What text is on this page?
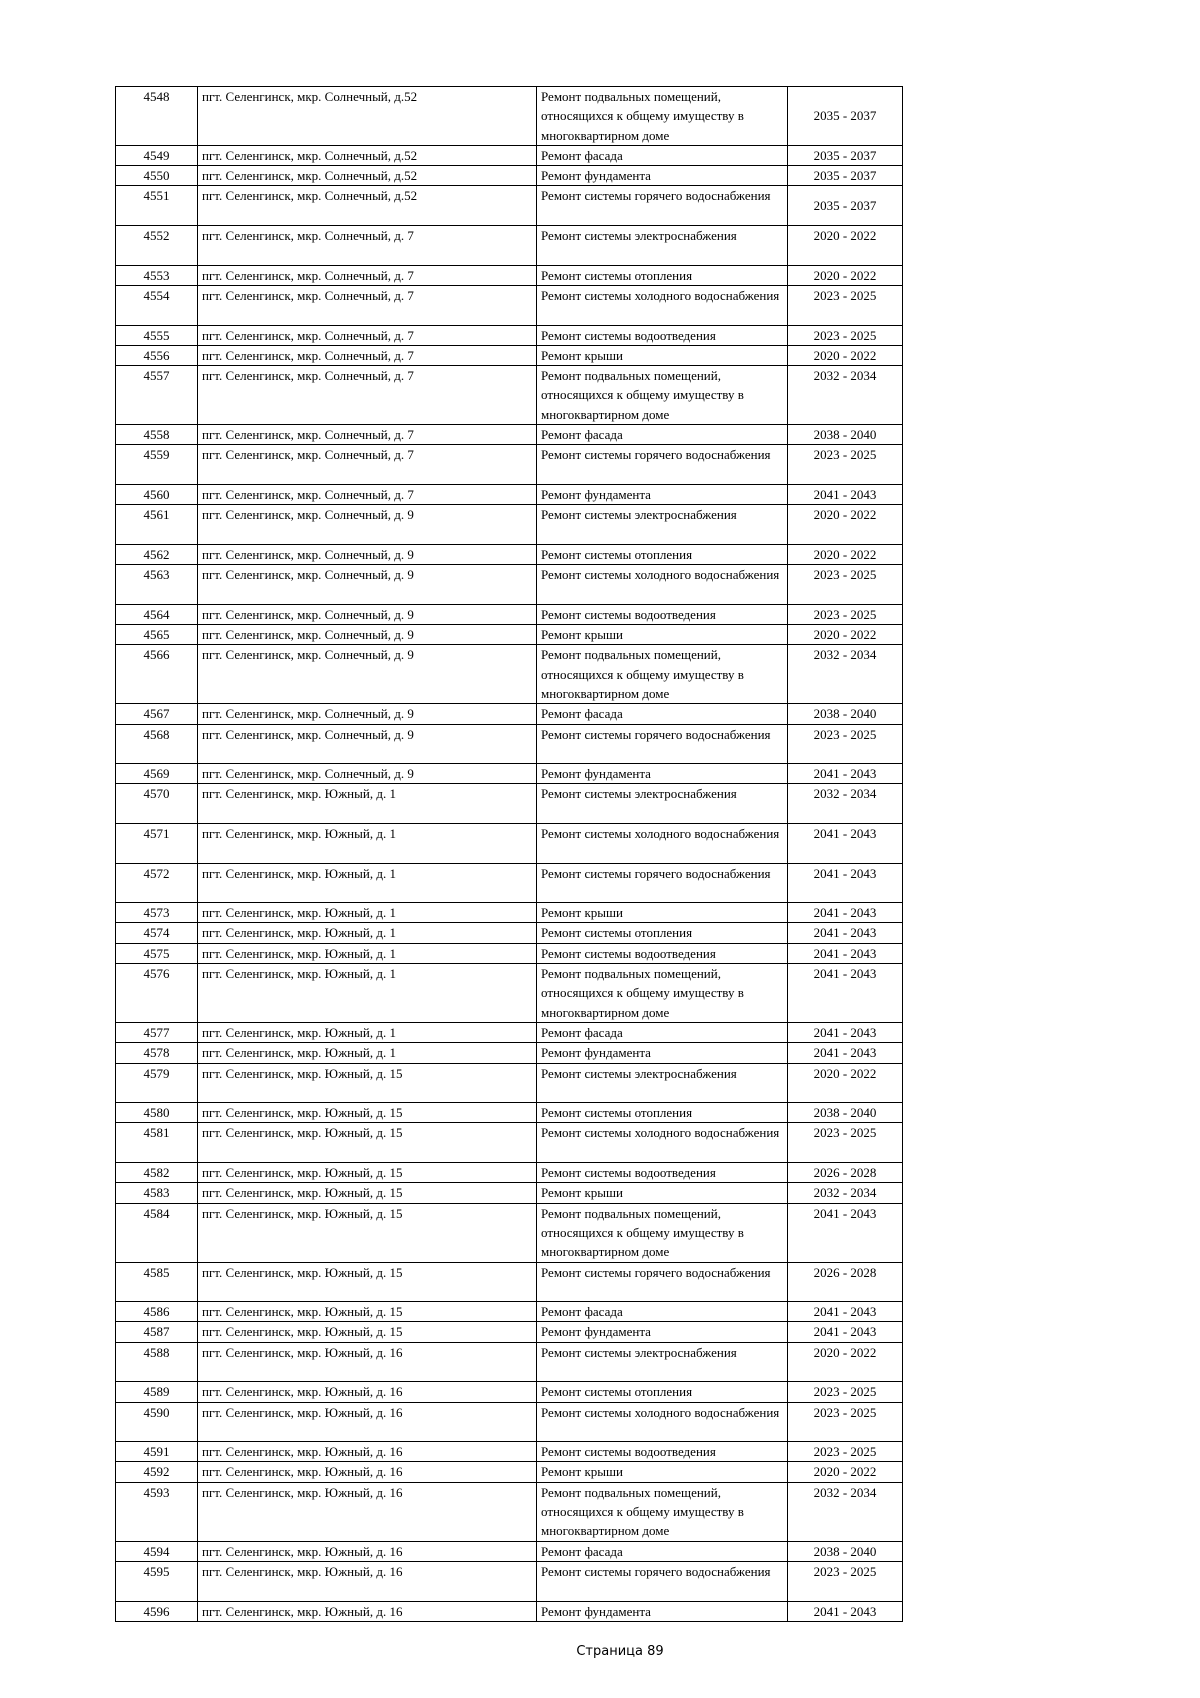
4548	пгт. Селенгинск, мкр. Солнечный, д.52	Ремонт подвальных помещений, относящихся к общему имуществу в многоквартирном доме	2035 - 2037
4549	пгт. Селенгинск, мкр. Солнечный, д.52	Ремонт фасада	2035 - 2037
4550	пгт. Селенгинск, мкр. Солнечный, д.52	Ремонт фундамента	2035 - 2037
4551	пгт. Селенгинск, мкр. Солнечный, д.52	Ремонт системы горячего водоснабжения	2035 - 2037
4552	пгт. Селенгинск, мкр. Солнечный, д. 7	Ремонт системы электроснабжения	2020 - 2022
4553	пгт. Селенгинск, мкр. Солнечный, д. 7	Ремонт системы отопления	2020 - 2022
4554	пгт. Селенгинск, мкр. Солнечный, д. 7	Ремонт системы холодного водоснабжения	2023 - 2025
4555	пгт. Селенгинск, мкр. Солнечный, д. 7	Ремонт системы водоотведения	2023 - 2025
4556	пгт. Селенгинск, мкр. Солнечный, д. 7	Ремонт крыши	2020 - 2022
4557	пгт. Селенгинск, мкр. Солнечный, д. 7	Ремонт подвальных помещений, относящихся к общему имуществу в многоквартирном доме	2032 - 2034
4558	пгт. Селенгинск, мкр. Солнечный, д. 7	Ремонт фасада	2038 - 2040
4559	пгт. Селенгинск, мкр. Солнечный, д. 7	Ремонт системы горячего водоснабжения	2023 - 2025
4560	пгт. Селенгинск, мкр. Солнечный, д. 7	Ремонт фундамента	2041 - 2043
4561	пгт. Селенгинск, мкр. Солнечный, д. 9	Ремонт системы электроснабжения	2020 - 2022
4562	пгт. Селенгинск, мкр. Солнечный, д. 9	Ремонт системы отопления	2020 - 2022
4563	пгт. Селенгинск, мкр. Солнечный, д. 9	Ремонт системы холодного водоснабжения	2023 - 2025
4564	пгт. Селенгинск, мкр. Солнечный, д. 9	Ремонт системы водоотведения	2023 - 2025
4565	пгт. Селенгинск, мкр. Солнечный, д. 9	Ремонт крыши	2020 - 2022
4566	пгт. Селенгинск, мкр. Солнечный, д. 9	Ремонт подвальных помещений, относящихся к общему имуществу в многоквартирном доме	2032 - 2034
4567	пгт. Селенгинск, мкр. Солнечный, д. 9	Ремонт фасада	2038 - 2040
4568	пгт. Селенгинск, мкр. Солнечный, д. 9	Ремонт системы горячего водоснабжения	2023 - 2025
4569	пгт. Селенгинск, мкр. Солнечный, д. 9	Ремонт фундамента	2041 - 2043
4570	пгт. Селенгинск, мкр. Южный, д. 1	Ремонт системы электроснабжения	2032 - 2034
4571	пгт. Селенгинск, мкр. Южный, д. 1	Ремонт системы холодного водоснабжения	2041 - 2043
4572	пгт. Селенгинск, мкр. Южный, д. 1	Ремонт системы горячего водоснабжения	2041 - 2043
4573	пгт. Селенгинск, мкр. Южный, д. 1	Ремонт крыши	2041 - 2043
4574	пгт. Селенгинск, мкр. Южный, д. 1	Ремонт системы отопления	2041 - 2043
4575	пгт. Селенгинск, мкр. Южный, д. 1	Ремонт системы водоотведения	2041 - 2043
4576	пгт. Селенгинск, мкр. Южный, д. 1	Ремонт подвальных помещений, относящихся к общему имуществу в многоквартирном доме	2041 - 2043
4577	пгт. Селенгинск, мкр. Южный, д. 1	Ремонт фасада	2041 - 2043
4578	пгт. Селенгинск, мкр. Южный, д. 1	Ремонт фундамента	2041 - 2043
4579	пгт. Селенгинск, мкр. Южный, д. 15	Ремонт системы электроснабжения	2020 - 2022
4580	пгт. Селенгинск, мкр. Южный, д. 15	Ремонт системы отопления	2038 - 2040
4581	пгт. Селенгинск, мкр. Южный, д. 15	Ремонт системы холодного водоснабжения	2023 - 2025
4582	пгт. Селенгинск, мкр. Южный, д. 15	Ремонт системы водоотведения	2026 - 2028
4583	пгт. Селенгинск, мкр. Южный, д. 15	Ремонт крыши	2032 - 2034
4584	пгт. Селенгинск, мкр. Южный, д. 15	Ремонт подвальных помещений, относящихся к общему имуществу в многоквартирном доме	2041 - 2043
4585	пгт. Селенгинск, мкр. Южный, д. 15	Ремонт системы горячего водоснабжения	2026 - 2028
4586	пгт. Селенгинск, мкр. Южный, д. 15	Ремонт фасада	2041 - 2043
4587	пгт. Селенгинск, мкр. Южный, д. 15	Ремонт фундамента	2041 - 2043
4588	пгт. Селенгинск, мкр. Южный, д. 16	Ремонт системы электроснабжения	2020 - 2022
4589	пгт. Селенгинск, мкр. Южный, д. 16	Ремонт системы отопления	2023 - 2025
4590	пгт. Селенгинск, мкр. Южный, д. 16	Ремонт системы холодного водоснабжения	2023 - 2025
4591	пгт. Селенгинск, мкр. Южный, д. 16	Ремонт системы водоотведения	2023 - 2025
4592	пгт. Селенгинск, мкр. Южный, д. 16	Ремонт крыши	2020 - 2022
4593	пгт. Селенгинск, мкр. Южный, д. 16	Ремонт подвальных помещений, относящихся к общему имуществу в многоквартирном доме	2032 - 2034
4594	пгт. Селенгинск, мкр. Южный, д. 16	Ремонт фасада	2038 - 2040
4595	пгт. Селенгинск, мкр. Южный, д. 16	Ремонт системы горячего водоснабжения	2023 - 2025
4596	пгт. Селенгинск, мкр. Южный, д. 16	Ремонт фундамента	2041 - 2043
Страница 89
